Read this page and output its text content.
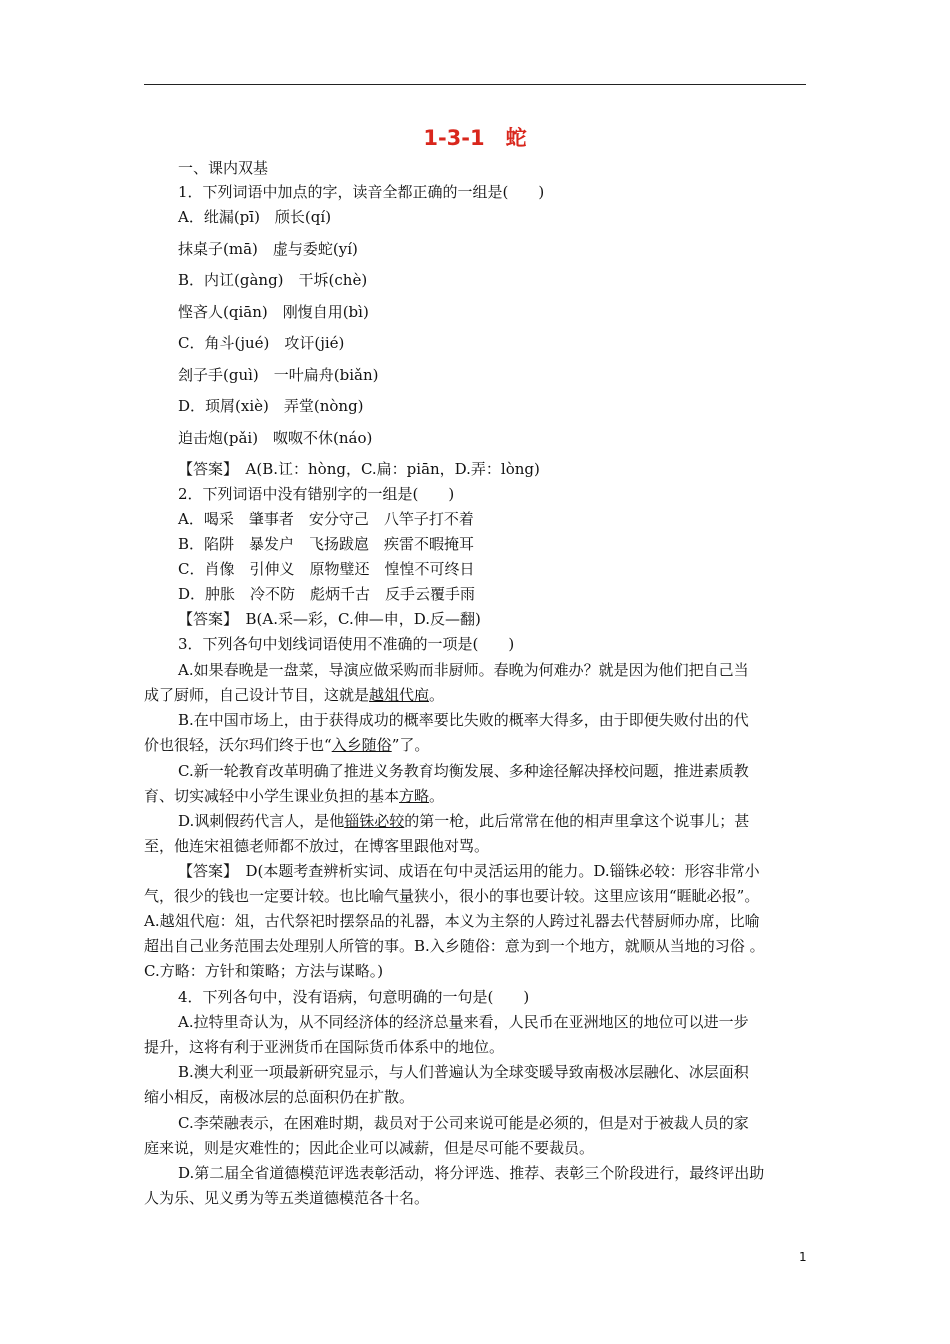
1-3-1　蛇
一、课内双基
1．下列词语中加点的字，读音全都正确的一组是(　　)
A．纰漏(pī)　颀长(qí)
抹桌子(mā)　虚与委蛇(yí)
B．内讧(gàng)　干坼(chè)
悭吝人(qiān)　刚愎自用(bì)
C．角斗(jué)　攻讦(jié)
刽子手(guì)　一叶扁舟(biǎn)
D．顼屑(xiè)　弄堂(nòng)
迫击炮(pǎi)　呶呶不休(náo)
【答案】　 A(B.讧：hòng，C.扁：piān，D.弄：lòng)
2．下列词语中没有错别字的一组是(　　)
A．喝采　肇事者　安分守己　八竿子打不着
B．陷阱　暴发户　飞扬跋扈　疾雷不暇掩耳
C．肖像　引伸义　原物璧还　惶惶不可终日
D．肿胀　冷不防　彪炳千古　反手云覆手雨
【答案】　 B(A.采—彩，C.伸—申，D.反—翻)
3．下列各句中划线词语使用不准确的一项是(　　)
A.如果春晚是一盘菜，导演应做采购而非厨师。春晚为何难办？就是因为他们把自己当
成了厨师，自己设计节目，这就是越俎代庖。
B.在中国市场上，由于获得成功的概率要比失败的概率大得多，由于即便失败付出的代
价也很轻，沃尔玛们终于也“入乡随俗”了。
C.新一轮教育改革明确了推进义务教育均衡发展、多种途径解决择校问题，推进素质教
育、切实减轻中小学生课业负担的基本方略。
D.讽刺假药代言人，是他锱铢必较的第一枪，此后常常在他的相声里拿这个说事儿；甚
至，他连宋祖德老师都不放过，在博客里跟他对骂。
【答案】　 D(本题考查辨析实词、成语在句中灵活运用的能力。D.锱铢必较：形容非常小
气，很少的钱也一定要计较。也比喻气量狭小，很小的事也要计较。这里应该用“睚眦必报”。
A.越俎代庖：俎，古代祭祀时摆祭品的礼器，本义为主祭的人跨过礼器去代替厨师办席，比喻
超出自己业务范围去处理别人所管的事。B.入乡随俗：意为到一个地方，就顺从当地的习俗 。
C.方略：方针和策略；方法与谋略。)
4．下列各句中，没有语病，句意明确的一句是(　　)
A.拉特里奇认为，从不同经济体的经济总量来看，人民币在亚洲地区的地位可以进一步
提升，这将有利于亚洲货币在国际货币体系中的地位。
B.澳大利亚一项最新研究显示，与人们普遍认为全球变暖导致南极冰层融化、冰层面积
缩小相反，南极冰层的总面积仍在扩散。
C.李荣融表示，在困难时期，裁员对于公司来说可能是必须的，但是对于被裁人员的家
庭来说，则是灾难性的；因此企业可以减薪，但是尽可能不要裁员。
D.第二届全省道德模范评选表彰活动，将分评选、推荐、表彰三个阶段进行，最终评出助
人为乐、见义勇为等五类道德模范各十名。
1
